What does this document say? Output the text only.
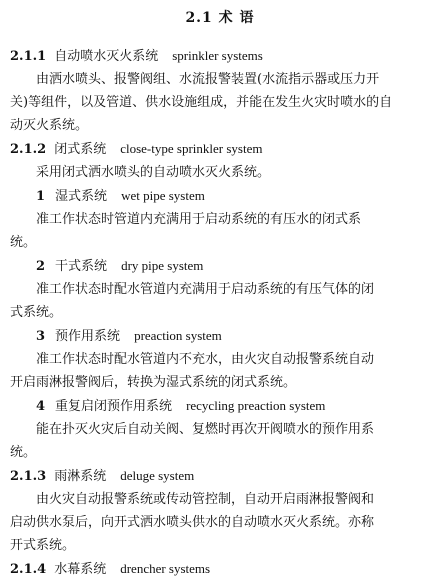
2.1 术 语
2.1.1 自动喷水灭火系统 sprinkler systems
由洒水喷头、报警阀组、水流报警装置(水流指示器或压力开
关)等组件，以及管道、供水设施组成，并能在发生火灾时喷水的自
动灭火系统。
2.1.2 闭式系统 close-type sprinkler system
采用闭式洒水喷头的自动喷水灭火系统。
1 湿式系统 wet pipe system
准工作状态时管道内充满用于启动系统的有压水的闭式系
统。
2 干式系统 dry pipe system
准工作状态时配水管道内充满用于启动系统的有压气体的闭
式系统。
3 预作用系统 preaction system
准工作状态时配水管道内不充水，由火灾自动报警系统自动
开启雨淋报警阀后，转换为湿式系统的闭式系统。
4 重复启闭预作用系统 recycling preaction system
能在扑灭火灾后自动关阀、复燃时再次开阀喷水的预作用系
统。
2.1.3 雨淋系统 deluge system
由火灾自动报警系统或传动管控制，自动开启雨淋报警阀和
启动供水泵后，向开式洒水喷头供水的自动喷水灭火系统。亦称
开式系统。
2.1.4 水幕系统 drencher systems
